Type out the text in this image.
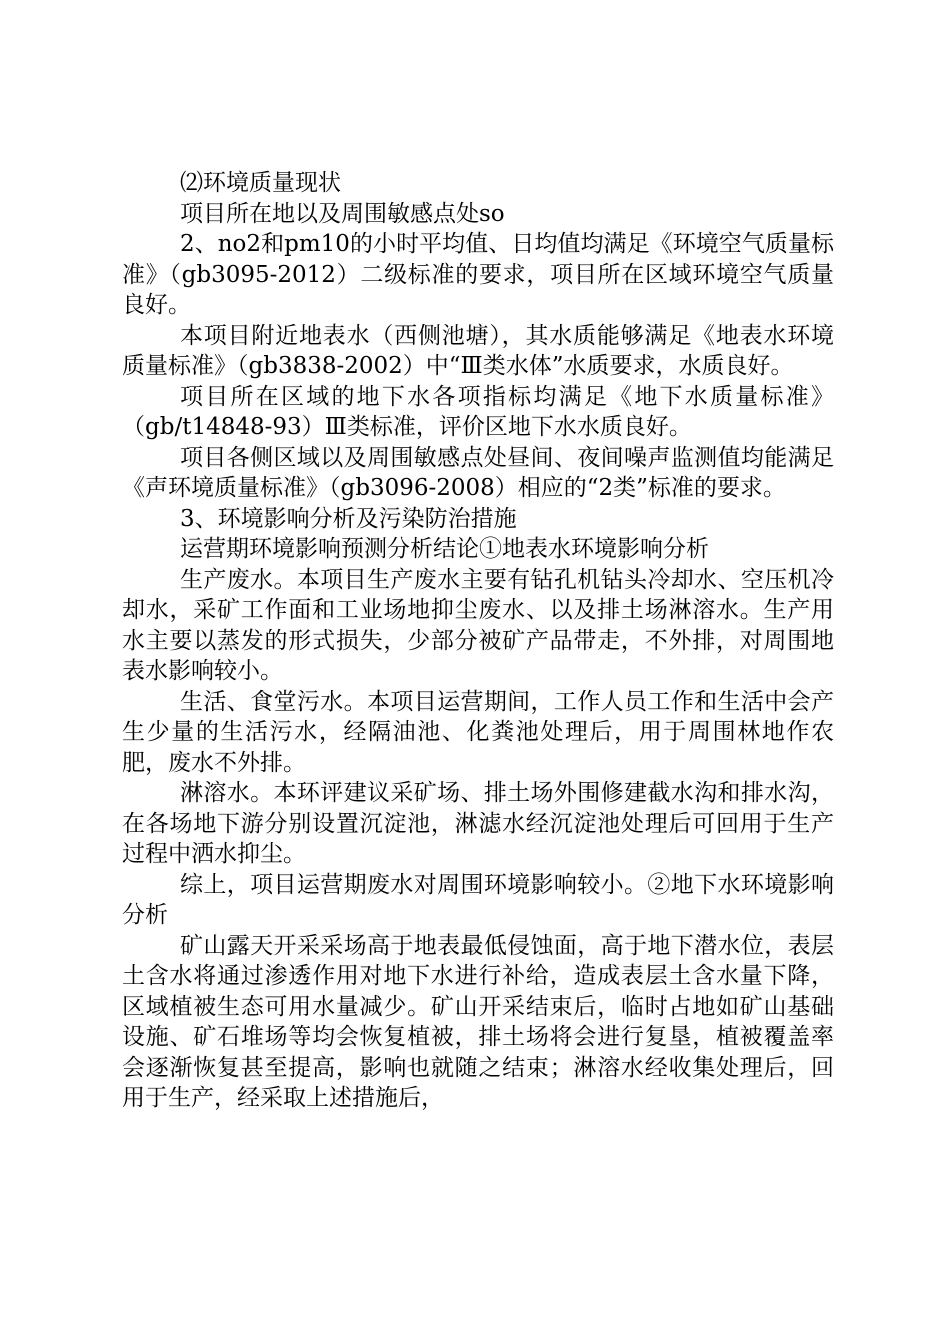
⑵环境质量现状

项目所在地以及周围敏感点处so

2、no2和pm10的小时平均值、日均值均满足《环境空气质量标准》（gb3095-2012）二级标准的要求，项目所在区域环境空气质量良好。

本项目附近地表水（西侧池塘），其水质能够满足《地表水环境质量标准》（gb3838-2002）中“Ⅲ类水体”水质要求，水质良好。

项目所在区域的地下水各项指标均满足《地下水质量标准》（gb/t14848-93）Ⅲ类标准，评价区地下水水质良好。

项目各侧区域以及周围敏感点处昼间、夜间噪声监测值均能满足《声环境质量标准》（gb3096-2008）相应的“2类”标准的要求。

3、环境影响分析及污染防治措施

运营期环境影响预测分析结论①地表水环境影响分析

生产废水。本项目生产废水主要有钻孔机钻头冷却水、空压机冷却水，采矿工作面和工业场地抑尘废水、以及排土场淋溶水。生产用水主要以蒸发的形式损失，少部分被矿产品带走，不外排，对周围地表水影响较小。

生活、食堂污水。本项目运营期间，工作人员工作和生活中会产生少量的生活污水，经隔油池、化粪池处理后，用于周围林地作农肥，废水不外排。

淋溶水。本环评建议采矿场、排土场外围修建截水沟和排水沟，在各场地下游分别设置沉淀池，淋滤水经沉淀池处理后可回用于生产过程中洒水抑尘。

综上，项目运营期废水对周围环境影响较小。②地下水环境影响分析

矿山露天开采采场高于地表最低侵蚀面，高于地下潜水位，表层土含水将通过渗透作用对地下水进行补给，造成表层土含水量下降，区域植被生态可用水量减少。矿山开采结束后，临时占地如矿山基础设施、矿石堆场等均会恢复植被，排土场将会进行复垦，植被覆盖率会逐渐恢复甚至提高，影响也就随之结束；淋溶水经收集处理后，回用于生产，经采取上述措施后，
